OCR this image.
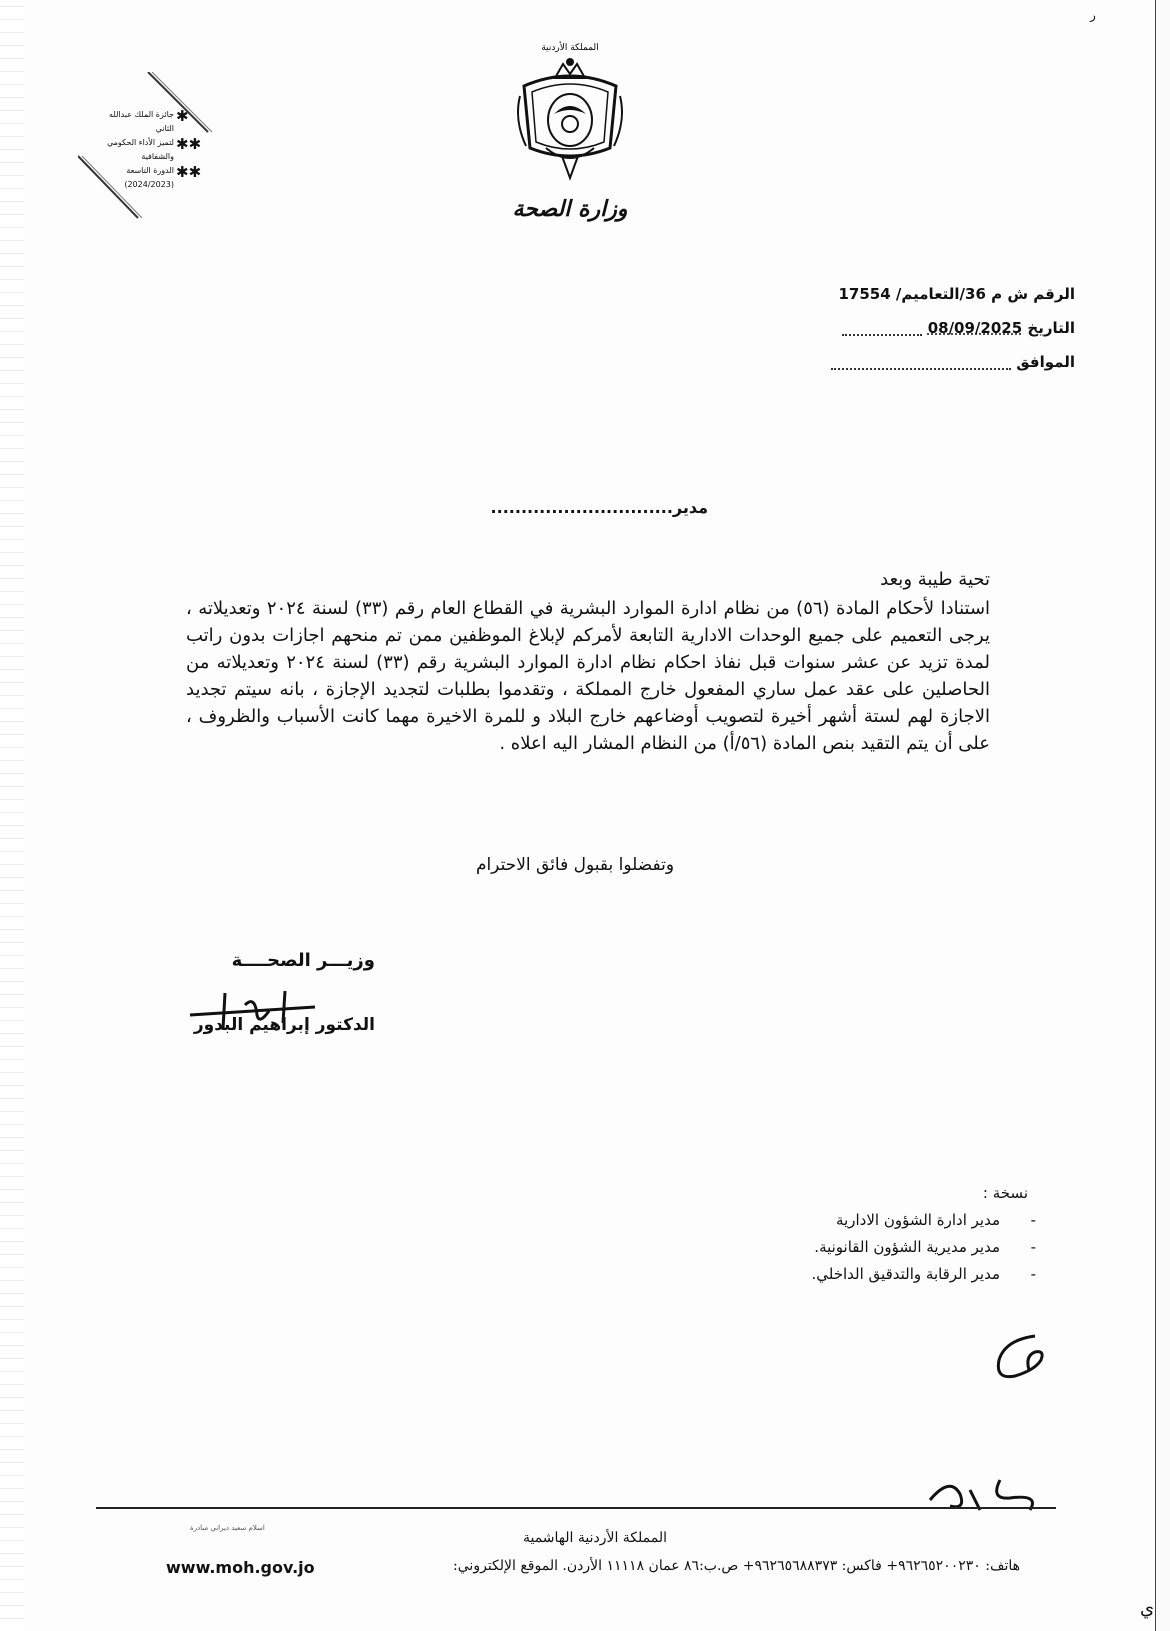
ر
المملكة الأردنية
وزارة الصحة
جائزة الملك عبدالله الثاني
لتميز الأداء الحكومي والشفافية
الدورة التاسعة
(2024/2023)
✱
✱✱
✱✱
الرقم ش م 36/التعاميم/ 17554
التاريخ 08/09/2025
الموافق
مدير..............................

تحية طيبة وبعد

استنادا لأحكام المادة (٥٦) من نظام ادارة الموارد البشرية في القطاع العام رقم (٣٣) لسنة ٢٠٢٤ وتعديلاته ، يرجى التعميم على جميع الوحدات الادارية التابعة لأمركم لإبلاغ الموظفين ممن تم منحهم اجازات بدون راتب لمدة تزيد عن عشر سنوات قبل نفاذ احكام نظام ادارة الموارد البشرية رقم (٣٣) لسنة ٢٠٢٤ وتعديلاته من الحاصلين على عقد عمل ساري المفعول خارج المملكة ، وتقدموا بطلبات لتجديد الإجازة ، بانه سيتم تجديد الاجازة لهم لستة أشهر أخيرة لتصويب أوضاعهم خارج البلاد و للمرة الاخيرة مهما كانت الأسباب والظروف ، على أن يتم التقيد بنص المادة (٥٦/أ) من النظام المشار اليه اعلاه .

وتفضلوا بقبول فائق الاحترام
وزيـــر الصحــــة
الدكتور إبراهيم البدور
نسخة :
-
مدير ادارة الشؤون الادارية
-
مدير مديرية الشؤون القانونية.
-
مدير الرقابة والتدقيق الداخلي.
اسلام سعيد ديراني مبادرة
المملكة الأردنية الهاشمية
هاتف: ٩٦٢٦٥٢٠٠٢٣٠+ فاكس: ٩٦٢٦٥٦٨٨٣٧٣+ ص.ب:٨٦ عمان ١١١١٨ الأردن. الموقع الإلكتروني:
www.moh.gov.jo
ي
